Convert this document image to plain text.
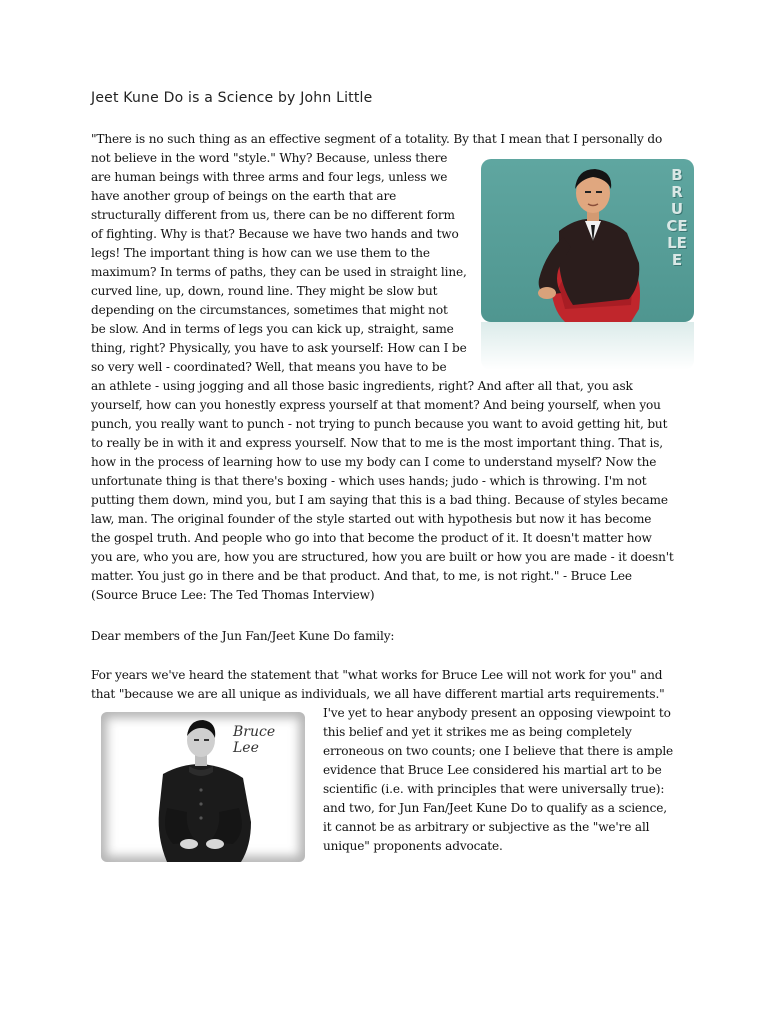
Jeet Kune Do is a Science by John Little
"There is no such thing as an effective segment of a totality. By that I mean that I personally do
not believe in the word "style." Why? Because, unless there
are human beings with three arms and four legs, unless we
have another group of beings on the earth that are
structurally different from us, there can be no different form
of fighting. Why is that? Because we have two hands and two
legs! The important thing is how can we use them to the
maximum? In terms of paths, they can be used in straight line,
curved line, up, down, round line. They might be slow but
depending on the circumstances, sometimes that might not
be slow. And in terms of legs you can kick up, straight, same
thing, right? Physically, you have to ask yourself: How can I be
so very well - coordinated? Well, that means you have to be
an athlete - using jogging and all those basic ingredients, right? And after all that, you ask
yourself, how can you honestly express yourself at that moment? And being yourself, when you
punch, you really want to punch - not trying to punch because you want to avoid getting hit, but
to really be in with it and express yourself. Now that to me is the most important thing. That is,
how in the process of learning how to use my body can I come to understand myself? Now the
unfortunate thing is that there's boxing - which uses hands; judo - which is throwing. I'm not
putting them down, mind you, but I am saying that this is a bad thing. Because of styles became
law, man. The original founder of the style started out with hypothesis but now it has become
the gospel truth. And people who go into that become the product of it. It doesn't matter how
you are, who you are, how you are structured, how you are built or how you are made - it doesn't
matter. You just go in there and be that product. And that, to me, is not right." - Bruce Lee
(Source Bruce Lee: The Ted Thomas Interview)
BRUCE LEE
Dear members of the Jun Fan/Jeet Kune Do family:
For years we've heard the statement that "what works for Bruce Lee will not work for you" and
that "because we are all unique as individuals, we all have different martial arts requirements."
I've yet to hear anybody present an opposing viewpoint to
this belief and yet it strikes me as being completely
erroneous on two counts; one I believe that there is ample
evidence that Bruce Lee considered his martial art to be
scientific (i.e. with principles that were universally true):
and two, for Jun Fan/Jeet Kune Do to qualify as a science,
it cannot be as arbitrary or subjective as the "we're all
unique" proponents advocate.
Bruce Lee
